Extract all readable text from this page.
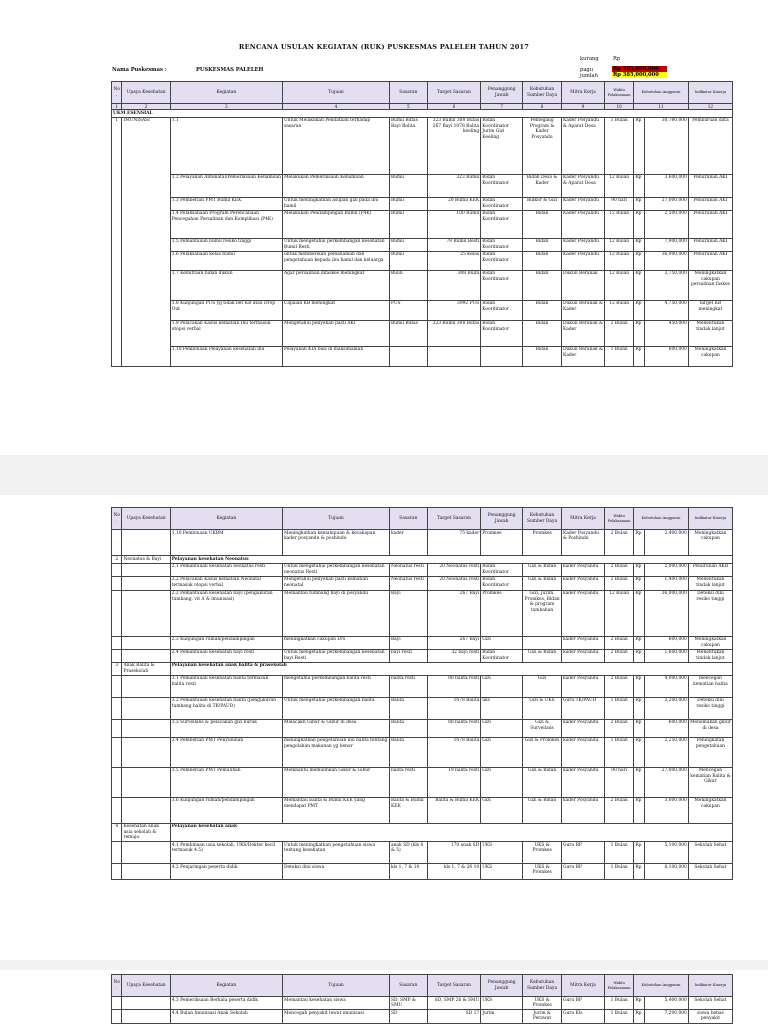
RENCANA USULAN KEGIATAN (RUK) PUSKESMAS PALELEH TAHUN 2017
kurang	Rp
pagu	Rp 385,000,000
jumlah	Rp 385,000,000
Nama Puskesmas :	PUSKESMAS PALELEH
No.	Upaya Kesehatan	Kegiatan	Tujuan	Sasaran	Target Sasaran	Penanggung Jawab	Kebutuhan Sumber Daya	Mitra Kerja	Waktu Pelaksanaan	Kebutuhan Anggaran		Indikator Kinerja
1	2	3	4	5	6	7	8	9	10	11		12
UKM ESENSIAL												
1	IMUNISASI	1.1	Untuk Melakukan Pendataan terhadap sasaran	Bumil Bufas Bayi Balita	323 Bumil 308 Bufas 267 Bayi 1078 Balita keeling	Bidan Koordinator Jurim Gizi Keeling	Pemegang Program & Kader Posyandu	Kader Posyandu & Aparat Desa	1 Bulan	Rp	30,780,000	Pembaruan data
		1.2 Pelayanan Antenatal/Pemeriksaan Kehamilan	Melakukan Pemeriksaan Kehamilan	Bumil	323 Bumil	Bidan Koordinator	Bidan Desa & Kader	Kader Posyandu & Aparat Desa	12 Bulan	Rp	3,600,000	Penurunan AKI
		1.3 Pemberian PMT Bumil KEK	Untuk meningkatkan asupan gizi pada ibu hamil	Bumil	20 Bumil KEK	Bidan Koordinator	Bidkor & Gizi	Kader Posyandu	90 hari	Rp	27,000,000	Penurunan AKI
		1.4 Pelaksanaan Program Perencanaan Pencegahan Persalinan dan Komplikasi (P4K)	Melakukan Pendampingan Bumil (P4K)	Bumil	100 Bumil	Bidan Koordinator	Bidan	Kader Posyandu	12 Bulan	Rp	2,500,000	Penurunan AKI
		1.5 Pemantauan bumil resiko tinggi	Untuk mengetahui perkembangan kesehatan Bumil Resti	Bumil	79 Bumil Resti	Bidan Koordinator	Bidan	Kader Posyandu	12 Bulan	Rp	7,900,000	Penurunan AKI
		1.6 Pelaksanaan kelas bumil	untuk memberikan pemahaman dan pengetahuan kepada ibu hamil dan keluarga	Bumil	25 Kelas	Bidan Koordinator	Bidan	Kader Posyandu	12 Bulan	Rp	36,000,000	Penurunan AKI
		1.7 Kemitraan bidan dukun	Agar persalinan difaskes meningkat	Bulin	308 Bulin	Bidan Koordinator	Bidan	Dukun Beranak	12 Bulan	Rp	3,750,000	Meningkatkan cakupan persalinan faskes
		1.8 Kunjungan PUS yg tidak ber KB atau Drop Out	Capaian KB meningkat	PUS	3992 PUS	Bidan Koordinator	Bidan	Dukun Beranak & Kader	12 Bulan	Rp	4,750,000	target KB meningkat
		1.9 Pelacakan Kasus kematian Ibu termasuk otopsi verbal	Mengetahui penyebab pasti AKI	Bumil Bufas	323 Bumil 308 Bufas	Bidan Koordinator	Bidan	Dukun Beranak & Kader	2 Bulan	Rp	450,000	Menentukan tindak lanjut
		1.10 Pembinaan Pelayanan kesehatan ibu	Pelayanan KIA bisa di maksimalkan				Bidan	Dukun Beranak & Kader	1 Bulan	Rp	600,000	Meningkatkan cakupan
No.	Upaya Kesehatan	Kegiatan	Tujuan	Sasaran	Target Sasaran	Penanggung Jawab	Kebutuhan Sumber Daya	Mitra Kerja	Waktu Pelaksanaan	Kebutuhan Anggaran		Indikator Kinerja
		1.10 Pembinaan UKBM	Meningkatkan kemampuan & kecakapan kader posyandu & poshindu	kader	75 kader	Promkes	Promkes	Kader Posyandu & Poshindu	2 Bulan	Rp	2,400,000	Meningkatkan cakupan
2	Neonatus & Bayi	Pelayanan kesehatan Neonatus										
		2.1 Pemantauan kesehatan neonatus resti	Untuk mengetahui perkembangan kesehatan neonatus Resti	Neonatus resti	20 Neonatus resti	Bidan Koordinator	Gizi & Bidan	kader Posyandu	2 Bulan	Rp	2,000,000	Penurunan AKB
		2.2 Pelacakan Kasus kematian Neonatal termasuk otopsi verbal	Mengetahui penyebab pasti kematian neonatal	Neonatus resti	20 Neonatus resti	Bidan Koordinator	Gizi & Bidan	kader Posyandu	2 Bulan	Rp	1,400,000	Menentukan tindak lanjut
		2.2 Pemantauan kesehatan bayi (pengukuran tumbang, vit A & imunisasi)	Memantau tumbang bayi di posyandu	Bayi	267 Bayi	Promkes	Gizi, Jurim, Promkes, Bidan & program tambahan	kader Posyandu	12 Bulan	Rp	36,000,000	Deteksi dini resiko tinggi
		2.3 Kunjungan rumah/pendampingan	meningkatkan cakupan D/S	Bayi	267 Bayi	Gizi		kader Posyandu	2 Bulan	Rp	600,000	Meningkatkan cakupan
		2.4 Pemantauan kesehatan bayi resti	Untuk mengetahui perkembangan kesehatan bayi Resti	bayi resti	32 bayi resti	Bidan Koordinator	Gizi & Bidan	kader Posyandu	2 Bulan	Rp	1,600,000	Menentukan tindak lanjut
3	Anak Balita & Prasekolah	Pelayanan kesehatan anak balita & prasekolah										
		3.1 Pemantauan kesehatan balita termasuk balita resti	mengetahui perkembangan balita resti	balita resti	80 balita resti	Gizi	Gizi	kader Posyandu	2 Bulan	Rp	4,000,000	mencegah kematian balita
		3.2 Pemantauan kesehatan balita (pengukuran tumbang balita di TK/PAUD)	Untuk mengetahui perkembangan balita	Balita	1078 Balita	uks	Gizi & UKS	Guru TK/PAUD	1 Bulan	Rp	3,200,000	Deteksi dini resiko tinggi
		3.3 Surveilans & pelacakan gizi buruk	Malacakn Gibur & Gibur di desa	Balita	80 balita resti	Gizi	Gizi & Surveilans	kader Posyandu	2 Bulan	Rp	600,000	Menemukan gibur di desa
		3.4 Pemberian PMT Penyuluhan	meningkatkan pengetahuan ibu balita tentang pengolahan makanan yg benar	Balita	1078 Balita	Gizi	Gizi & Promkes	kader Posyandu	1 Bulan	Rp	2,250,000	Peningkatan pengetahuan
		3.5 Pemberian PMT Pemulihan	Membantu memulihkan Gikur & Gibur	balita resti	19 balita resti	Gizi	Gizi & Bidan	kader Posyandu	90 hari	Rp	27,000,000	Mencegah kematian Balita & Gikur
		3.6 Kunjungan rumah/pendampingan	Memantau balita & Bumil KEK yang mendapat PMT	Balita & Bumil KEK	Balita & Bumil KEK	Gizi	Gizi & Bidan	kader Posyandu	2 Bulan	Rp	3,000,000	Meningkatkan cakupan
4	Kesehatan anak usia sekolah & remaja	Pelayanan kesehatan anak										
		4.1 Pembinaan usia sekolah, UKS/Dokter kecil termasuk 4.5)	Untuk meningkatkan pengetahuan siswa tentang kesehatan	anak SD (kls 4 & 5)	170 anak SD	UKS	UKS & Promkes	Guru BP	1 Bulan	Rp	5,100,000	Sekolah Sehat
		4.2 Penjaringan peserta didik	Deteksi dini siswa	kls 1, 7 & 10	kls 1, 7 & 26 10	UKS	UKS & Promkes	Guru BP	1 Bulan	Rp	8,100,000	Sekolah Sehat
No.	Upaya Kesehatan	Kegiatan	Tujuan	Sasaran	Target Sasaran	Penanggung Jawab	Kebutuhan Sumber Daya	Mitra Kerja	Waktu Pelaksanaan	Kebutuhan Anggaran		Indikator Kinerja
		4.3 Pemeriksaan Berkala peserta didik	Memantau kesehatan siswa	SD, SMP & SMU	SD, SMP 26 & SMU	UKS	UKS & Promkes	Guru BP	1 Bulan	Rp	5,400,000	Sekolah Sehat
		4.4 Bulan Imunisasi Anak Sekolah	Mencegah penyakit lewat imunisasi	SD	SD 17	Jurim	Jurim & Perawat	Guru Kls	1 Bulan	Rp	7,200,000	siswa bebas penyakit
